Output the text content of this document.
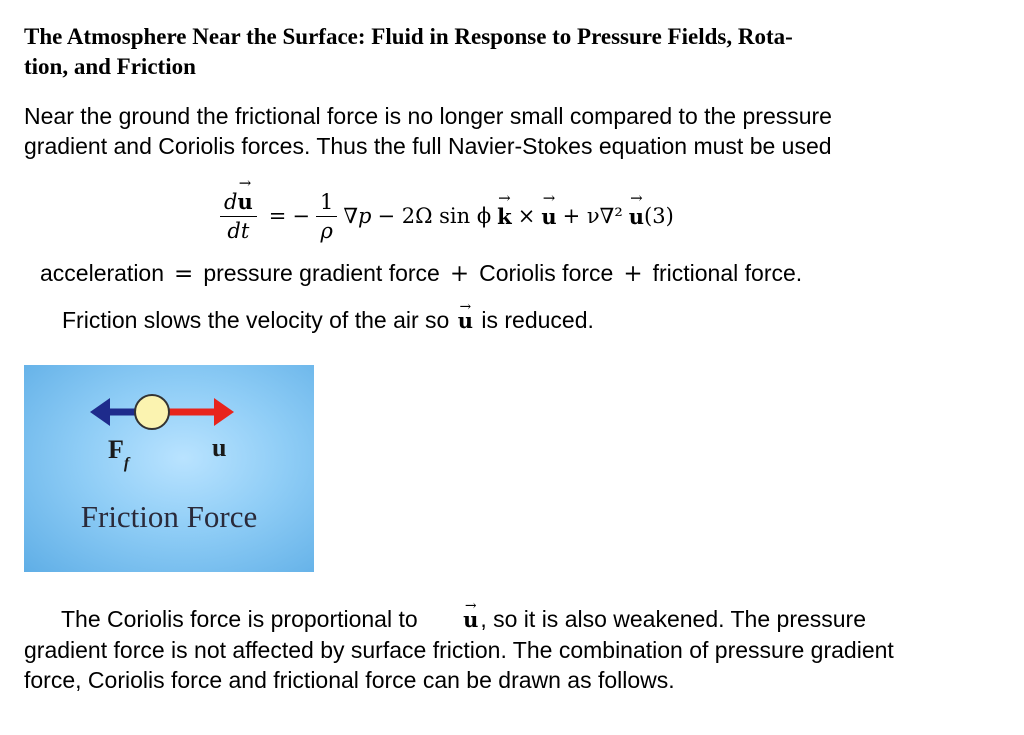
The Atmosphere Near the Surface: Fluid in Response to Pressure Fields, Rota-
tion, and Friction

Near the ground the frictional force is no longer small compared to the pressure gradient and Coriolis forces. Thus the full Navier-Stokes equation must be used

$\frac{d\to u}{dt}$ = − $\frac{1}{\rho} \nabla p - 2\Omega$ sin ϕ → k × → u + ν∇² → u (3)
acceleration = pressure gradient force + Coriolis force + frictional force.
Friction slows the velocity of the air so → u is reduced.
$F_f$
u
Friction Force

The Coriolis force is proportional to → u, so it is also weakened. The pressure gradient force is not affected by surface friction. The combination of pressure gradient force, Coriolis force and frictional force can be drawn as follows.
